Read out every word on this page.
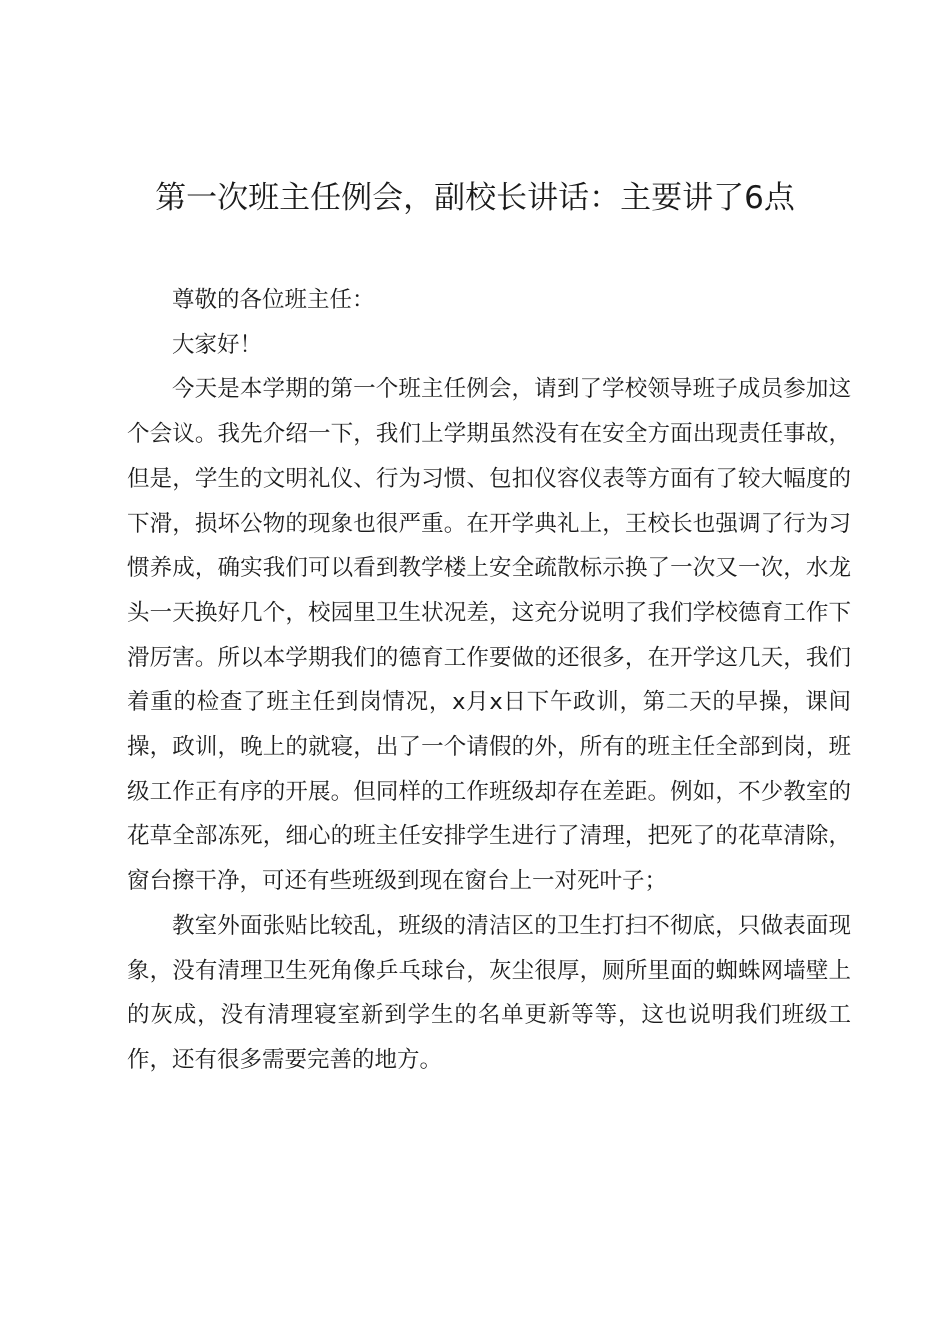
第一次班主任例会，副校长讲话：主要讲了6点

尊敬的各位班主任：

大家好！

今天是本学期的第一个班主任例会，请到了学校领导班子成员参加这个会议。我先介绍一下，我们上学期虽然没有在安全方面出现责任事故，但是，学生的文明礼仪、行为习惯、包扣仪容仪表等方面有了较大幅度的下滑，损坏公物的现象也很严重。在开学典礼上，王校长也强调了行为习惯养成，确实我们可以看到教学楼上安全疏散标示换了一次又一次，水龙头一天换好几个，校园里卫生状况差，这充分说明了我们学校德育工作下滑厉害。所以本学期我们的德育工作要做的还很多，在开学这几天，我们着重的检查了班主任到岗情况，x月x日下午政训，第二天的早操，课间操，政训，晚上的就寝，出了一个请假的外，所有的班主任全部到岗，班级工作正有序的开展。但同样的工作班级却存在差距。例如，不少教室的花草全部冻死，细心的班主任安排学生进行了清理，把死了的花草清除，窗台擦干净，可还有些班级到现在窗台上一对死叶子；

教室外面张贴比较乱，班级的清洁区的卫生打扫不彻底，只做表面现象，没有清理卫生死角像乒乓球台，灰尘很厚，厕所里面的蜘蛛网墙壁上的灰成，没有清理寝室新到学生的名单更新等等，这也说明我们班级工作，还有很多需要完善的地方。
